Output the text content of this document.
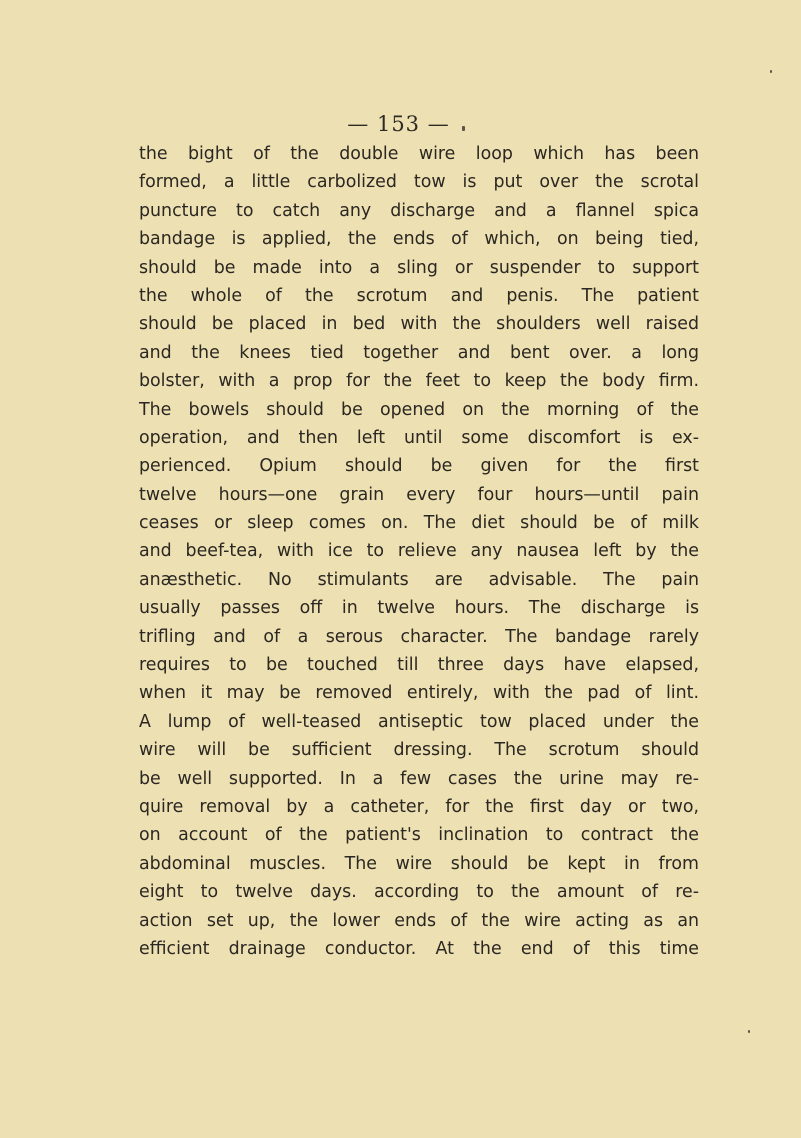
— 153 —
the bight of the double wire loop which has been
formed, a little carbolized tow is put over the scrotal
puncture to catch any discharge and a flannel spica
bandage is applied, the ends of which, on being tied,
should be made into a sling or suspender to support
the whole of the scrotum and penis. The patient
should be placed in bed with the shoulders well raised
and the knees tied together and bent over. a long
bolster, with a prop for the feet to keep the body firm.
The bowels should be opened on the morning of the
operation, and then left until some discomfort is ex-
perienced. Opium should be given for the first
twelve hours—one grain every four hours—until pain
ceases or sleep comes on. The diet should be of milk
and beef-tea, with ice to relieve any nausea left by the
anæsthetic. No stimulants are advisable. The pain
usually passes off in twelve hours. The discharge is
trifling and of a serous character. The bandage rarely
requires to be touched till three days have elapsed,
when it may be removed entirely, with the pad of lint.
A lump of well-teased antiseptic tow placed under the
wire will be sufficient dressing. The scrotum should
be well supported. In a few cases the urine may re-
quire removal by a catheter, for the first day or two,
on account of the patient's inclination to contract the
abdominal muscles. The wire should be kept in from
eight to twelve days. according to the amount of re-
action set up, the lower ends of the wire acting as an
efficient drainage conductor. At the end of this time
